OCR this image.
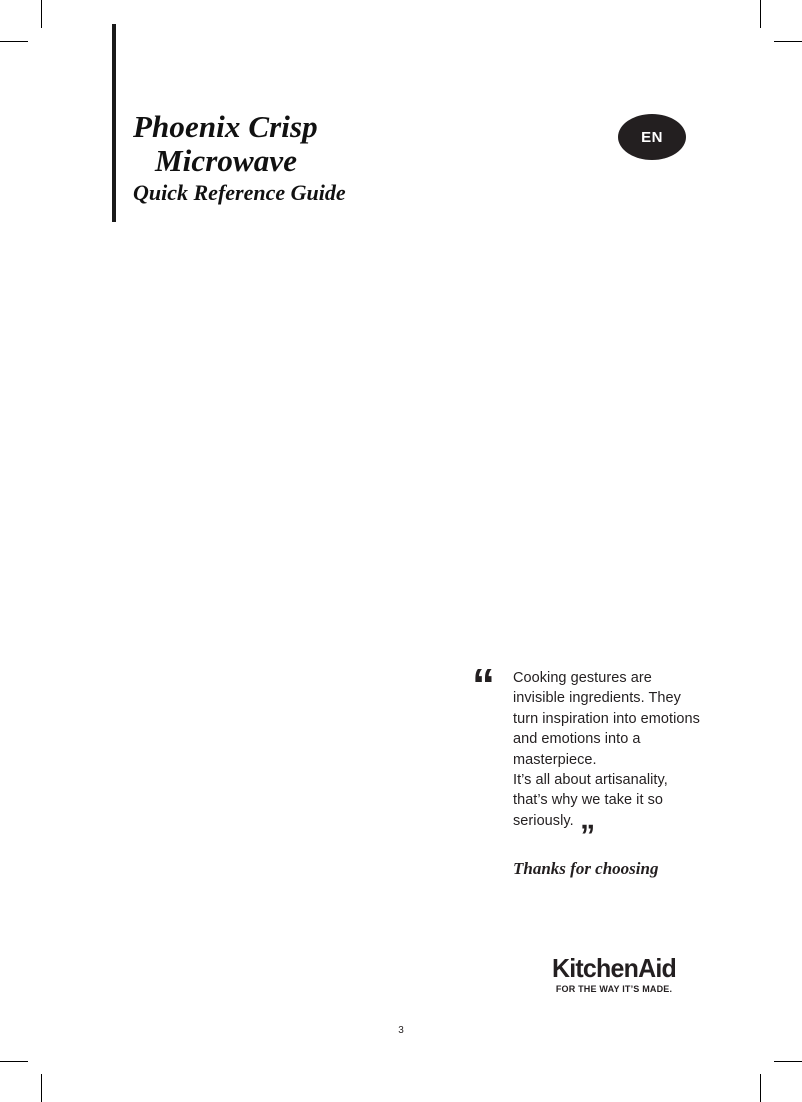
Phoenix Crisp
Microwave
Quick Reference Guide
EN
“	Cooking gestures are invisible ingredients. They turn inspiration into emotions and emotions into a masterpiece.
It’s all about artisanality, that’s why we take it so seriously. “

Thanks for choosing

KitchenAid
FOR THE WAY IT’S MADE.
3
